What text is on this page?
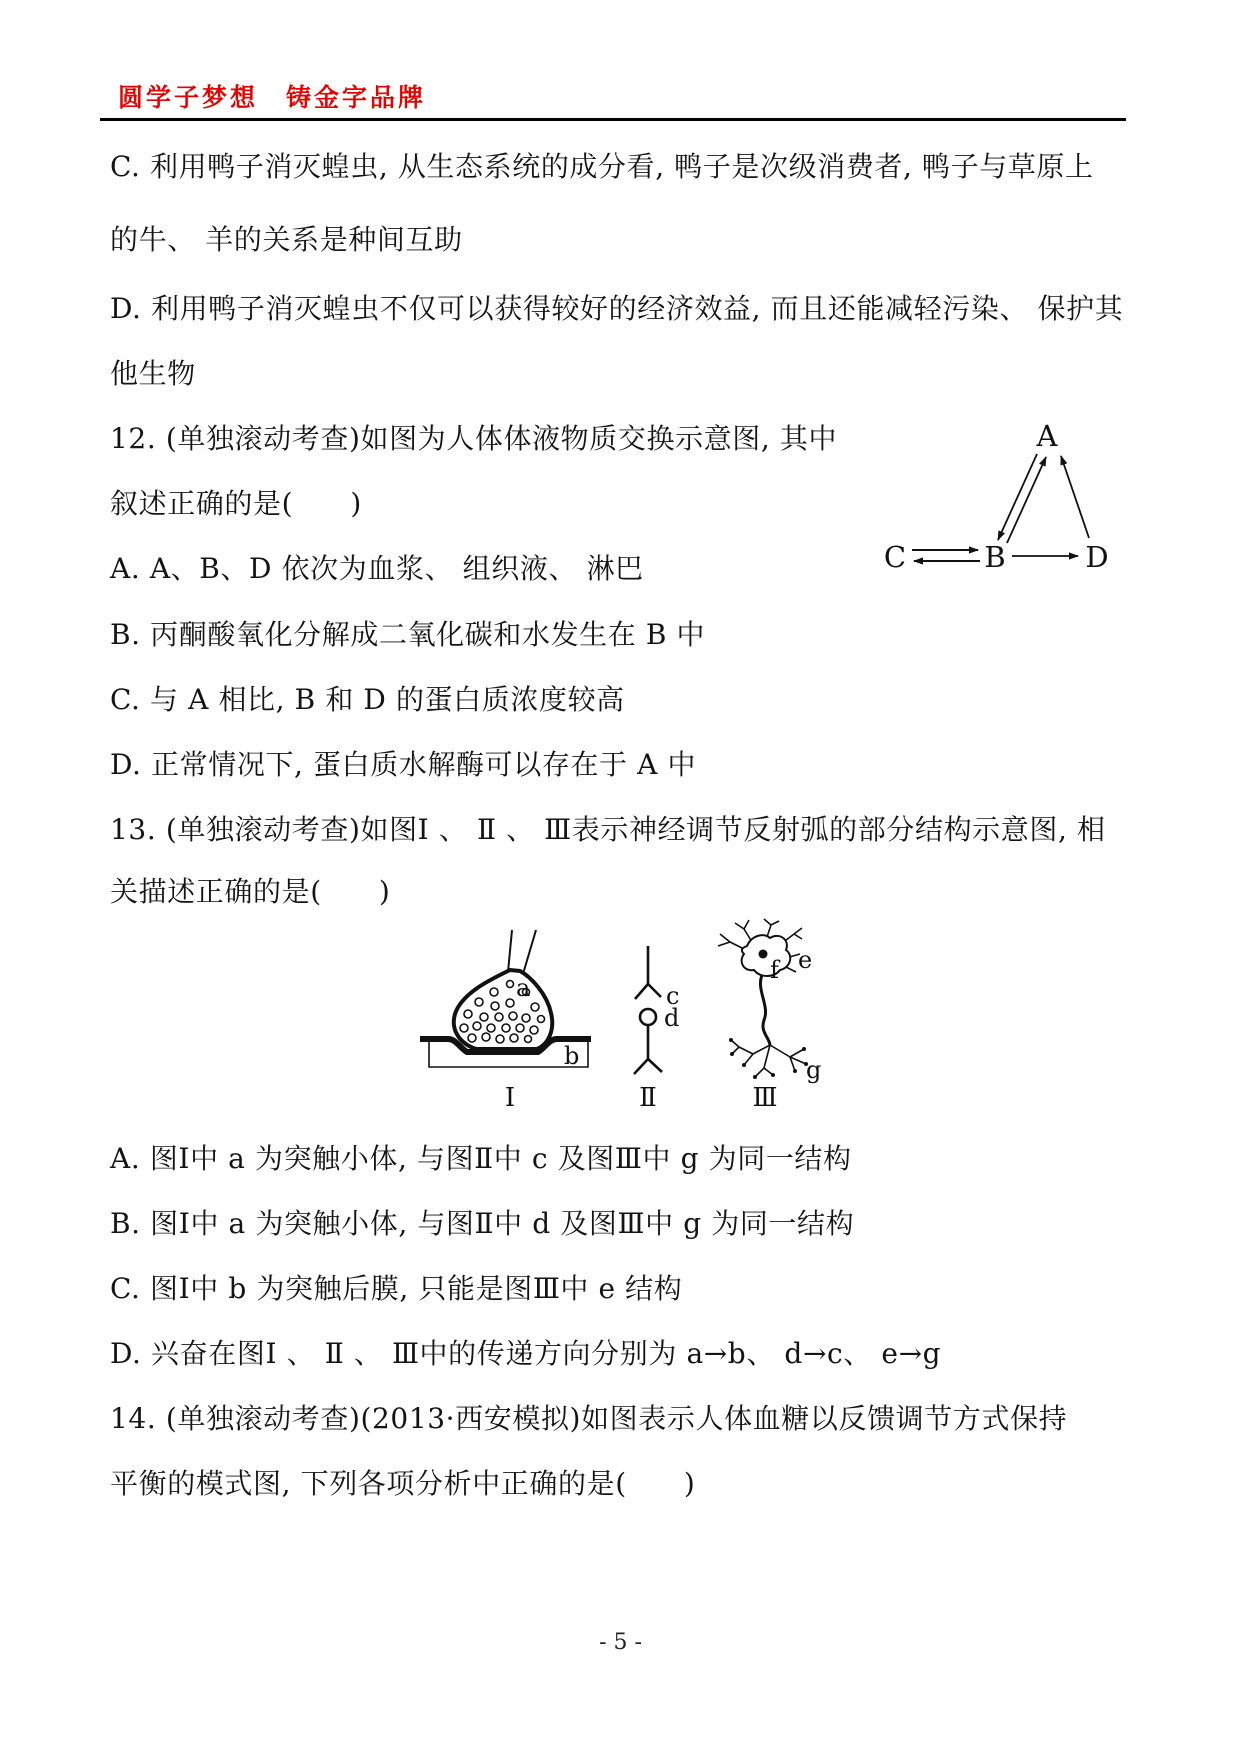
圆学子梦想　铸金字品牌
C. 利用鸭子消灭蝗虫, 从生态系统的成分看, 鸭子是次级消费者, 鸭子与草原上
的牛、 羊的关系是种间互助
D. 利用鸭子消灭蝗虫不仅可以获得较好的经济效益, 而且还能减轻污染、 保护其
他生物
12. (单独滚动考查)如图为人体体液物质交换示意图, 其中
叙述正确的是(　　)
A
C	B	D
A. A、B、D 依次为血浆、 组织液、 淋巴
B. 丙酮酸氧化分解成二氧化碳和水发生在 B 中
C. 与 A 相比, B 和 D 的蛋白质浓度较高
D. 正常情况下, 蛋白质水解酶可以存在于 A 中
13. (单独滚动考查)如图Ⅰ 、 Ⅱ 、 Ⅲ表示神经调节反射弧的部分结构示意图, 相
关描述正确的是(　　)
a
b
Ⅰ
c
d
Ⅱ
e
f
g
Ⅲ
A. 图Ⅰ中 a 为突触小体, 与图Ⅱ中 c 及图Ⅲ中 g 为同一结构
B. 图Ⅰ中 a 为突触小体, 与图Ⅱ中 d 及图Ⅲ中 g 为同一结构
C. 图Ⅰ中 b 为突触后膜, 只能是图Ⅲ中 e 结构
D. 兴奋在图Ⅰ 、 Ⅱ 、 Ⅲ中的传递方向分别为 a→b、 d→c、 e→g
14. (单独滚动考查)(2013·西安模拟)如图表示人体血糖以反馈调节方式保持
平衡的模式图, 下列各项分析中正确的是(　　)
- 5 -
